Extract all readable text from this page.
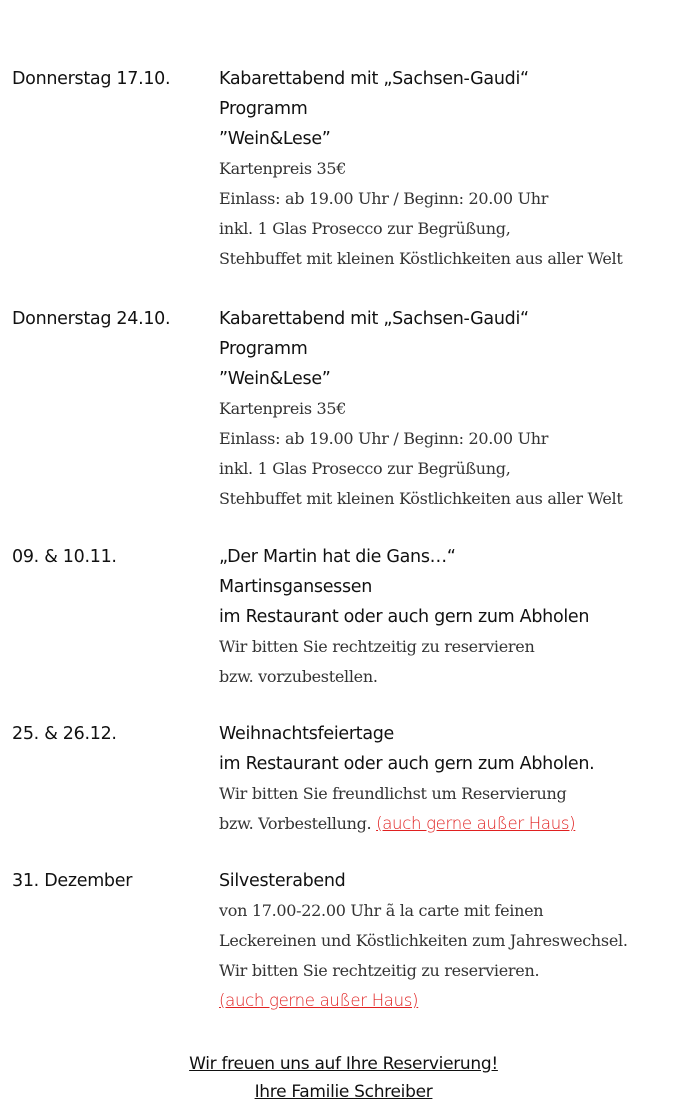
Donnerstag 17.10.	Kabarettabend mit „Sachsen-Gaudi“
Programm
”Wein&Lese”
Kartenpreis 35€
Einlass: ab 19.00 Uhr / Beginn: 20.00 Uhr
inkl. 1 Glas Prosecco zur Begrüßung,
Stehbuffet mit kleinen Köstlichkeiten aus aller Welt
Donnerstag 24.10.	Kabarettabend mit „Sachsen-Gaudi“
Programm
”Wein&Lese”
Kartenpreis 35€
Einlass: ab 19.00 Uhr / Beginn: 20.00 Uhr
inkl. 1 Glas Prosecco zur Begrüßung,
Stehbuffet mit kleinen Köstlichkeiten aus aller Welt
09. & 10.11.	„Der Martin hat die Gans…“
Martinsgansessen
im Restaurant oder auch gern zum Abholen
Wir bitten Sie rechtzeitig zu reservieren
bzw. vorzubestellen.
25. & 26.12.	Weihnachtsfeiertage
im Restaurant oder auch gern zum Abholen.
Wir bitten Sie freundlichst um Reservierung
bzw. Vorbestellung. (auch gerne außer Haus)
31. Dezember	Silvesterabend
von 17.00-22.00 Uhr ã la carte mit feinen
Leckereinen und Köstlichkeiten zum Jahreswechsel.
Wir bitten Sie rechtzeitig zu reservieren.
(auch gerne außer Haus)
Wir freuen uns auf Ihre Reservierung!
Ihre Familie Schreiber
